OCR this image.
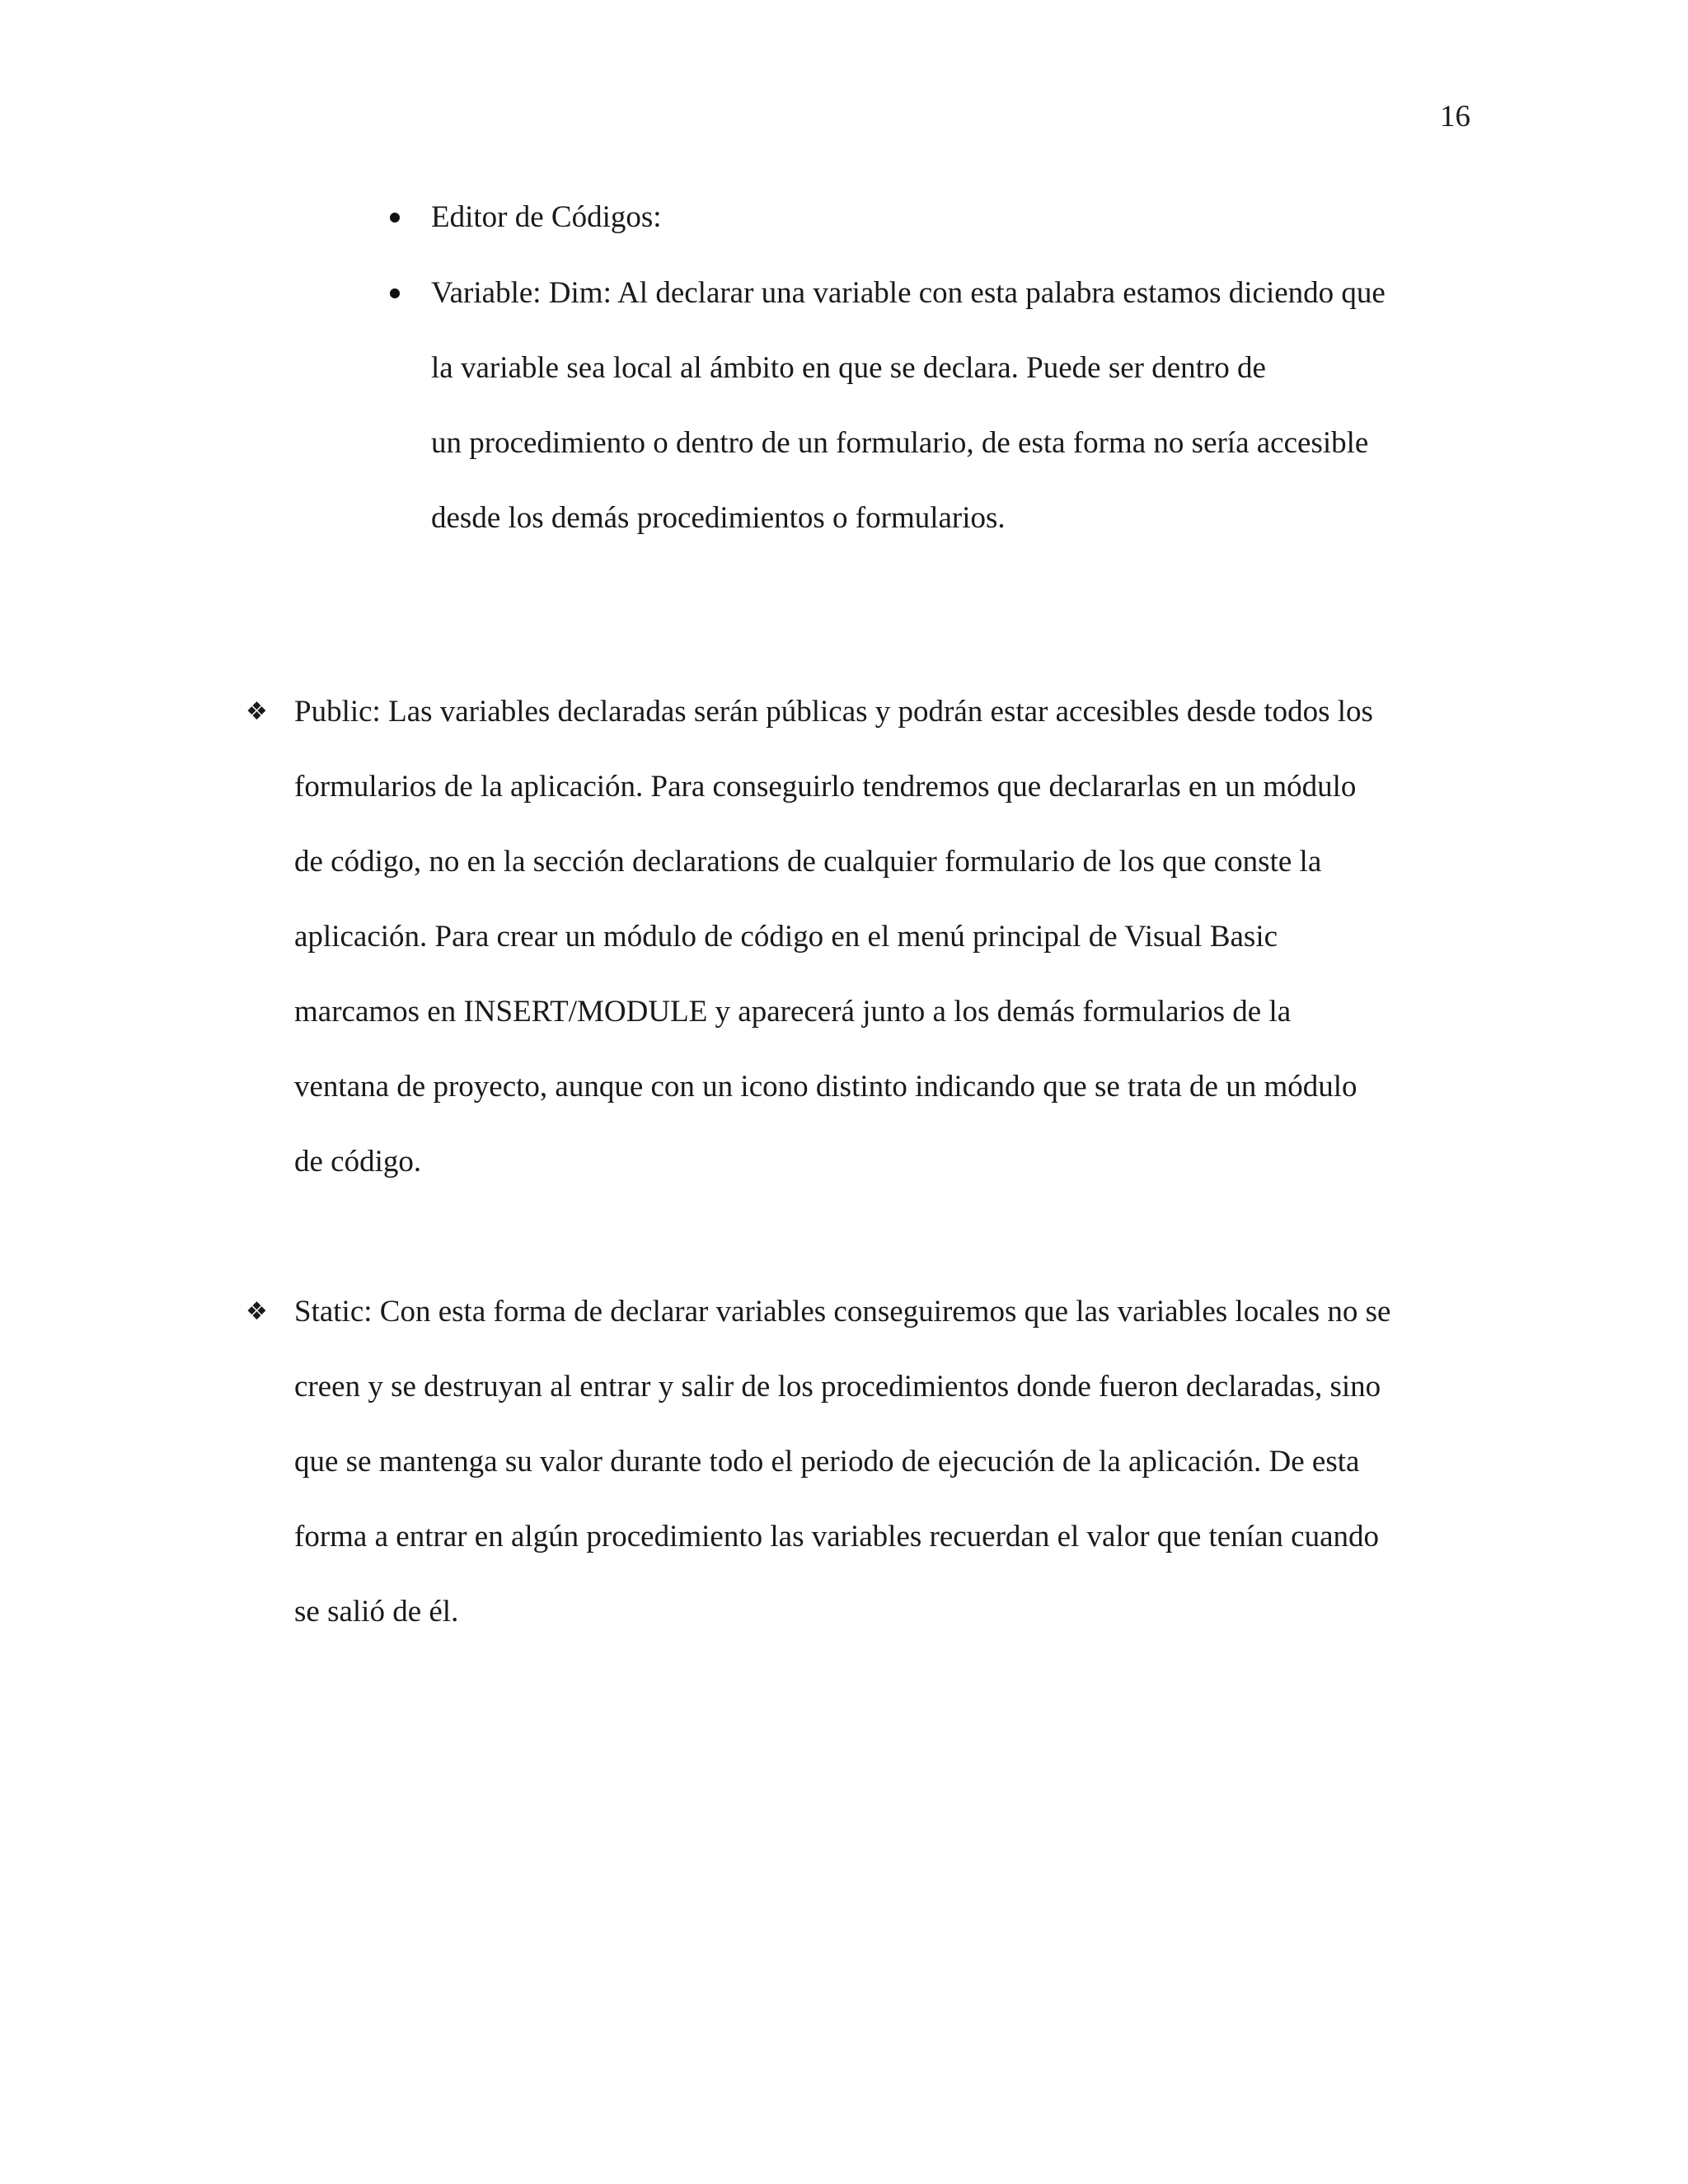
16
Editor de Códigos:
Variable: Dim: Al declarar una variable con esta palabra estamos diciendo que
la variable sea local al ámbito en que se declara. Puede ser dentro de
un procedimiento o dentro de un formulario, de esta forma no sería accesible
desde los demás procedimientos o formularios.
❖ Public: Las variables declaradas serán públicas y podrán estar accesibles desde todos los
formularios de la aplicación. Para conseguirlo tendremos que declararlas en un módulo
de código, no en la sección declarations de cualquier formulario de los que conste la
aplicación. Para crear un módulo de código en el menú principal de Visual Basic
marcamos en INSERT/MODULE y aparecerá junto a los demás formularios de la
ventana de proyecto, aunque con un icono distinto indicando que se trata de un módulo
de código.
❖ Static: Con esta forma de declarar variables conseguiremos que las variables locales no se
creen y se destruyan al entrar y salir de los procedimientos donde fueron declaradas, sino
que se mantenga su valor durante todo el periodo de ejecución de la aplicación. De esta
forma a entrar en algún procedimiento las variables recuerdan el valor que tenían cuando
se salió de él.
